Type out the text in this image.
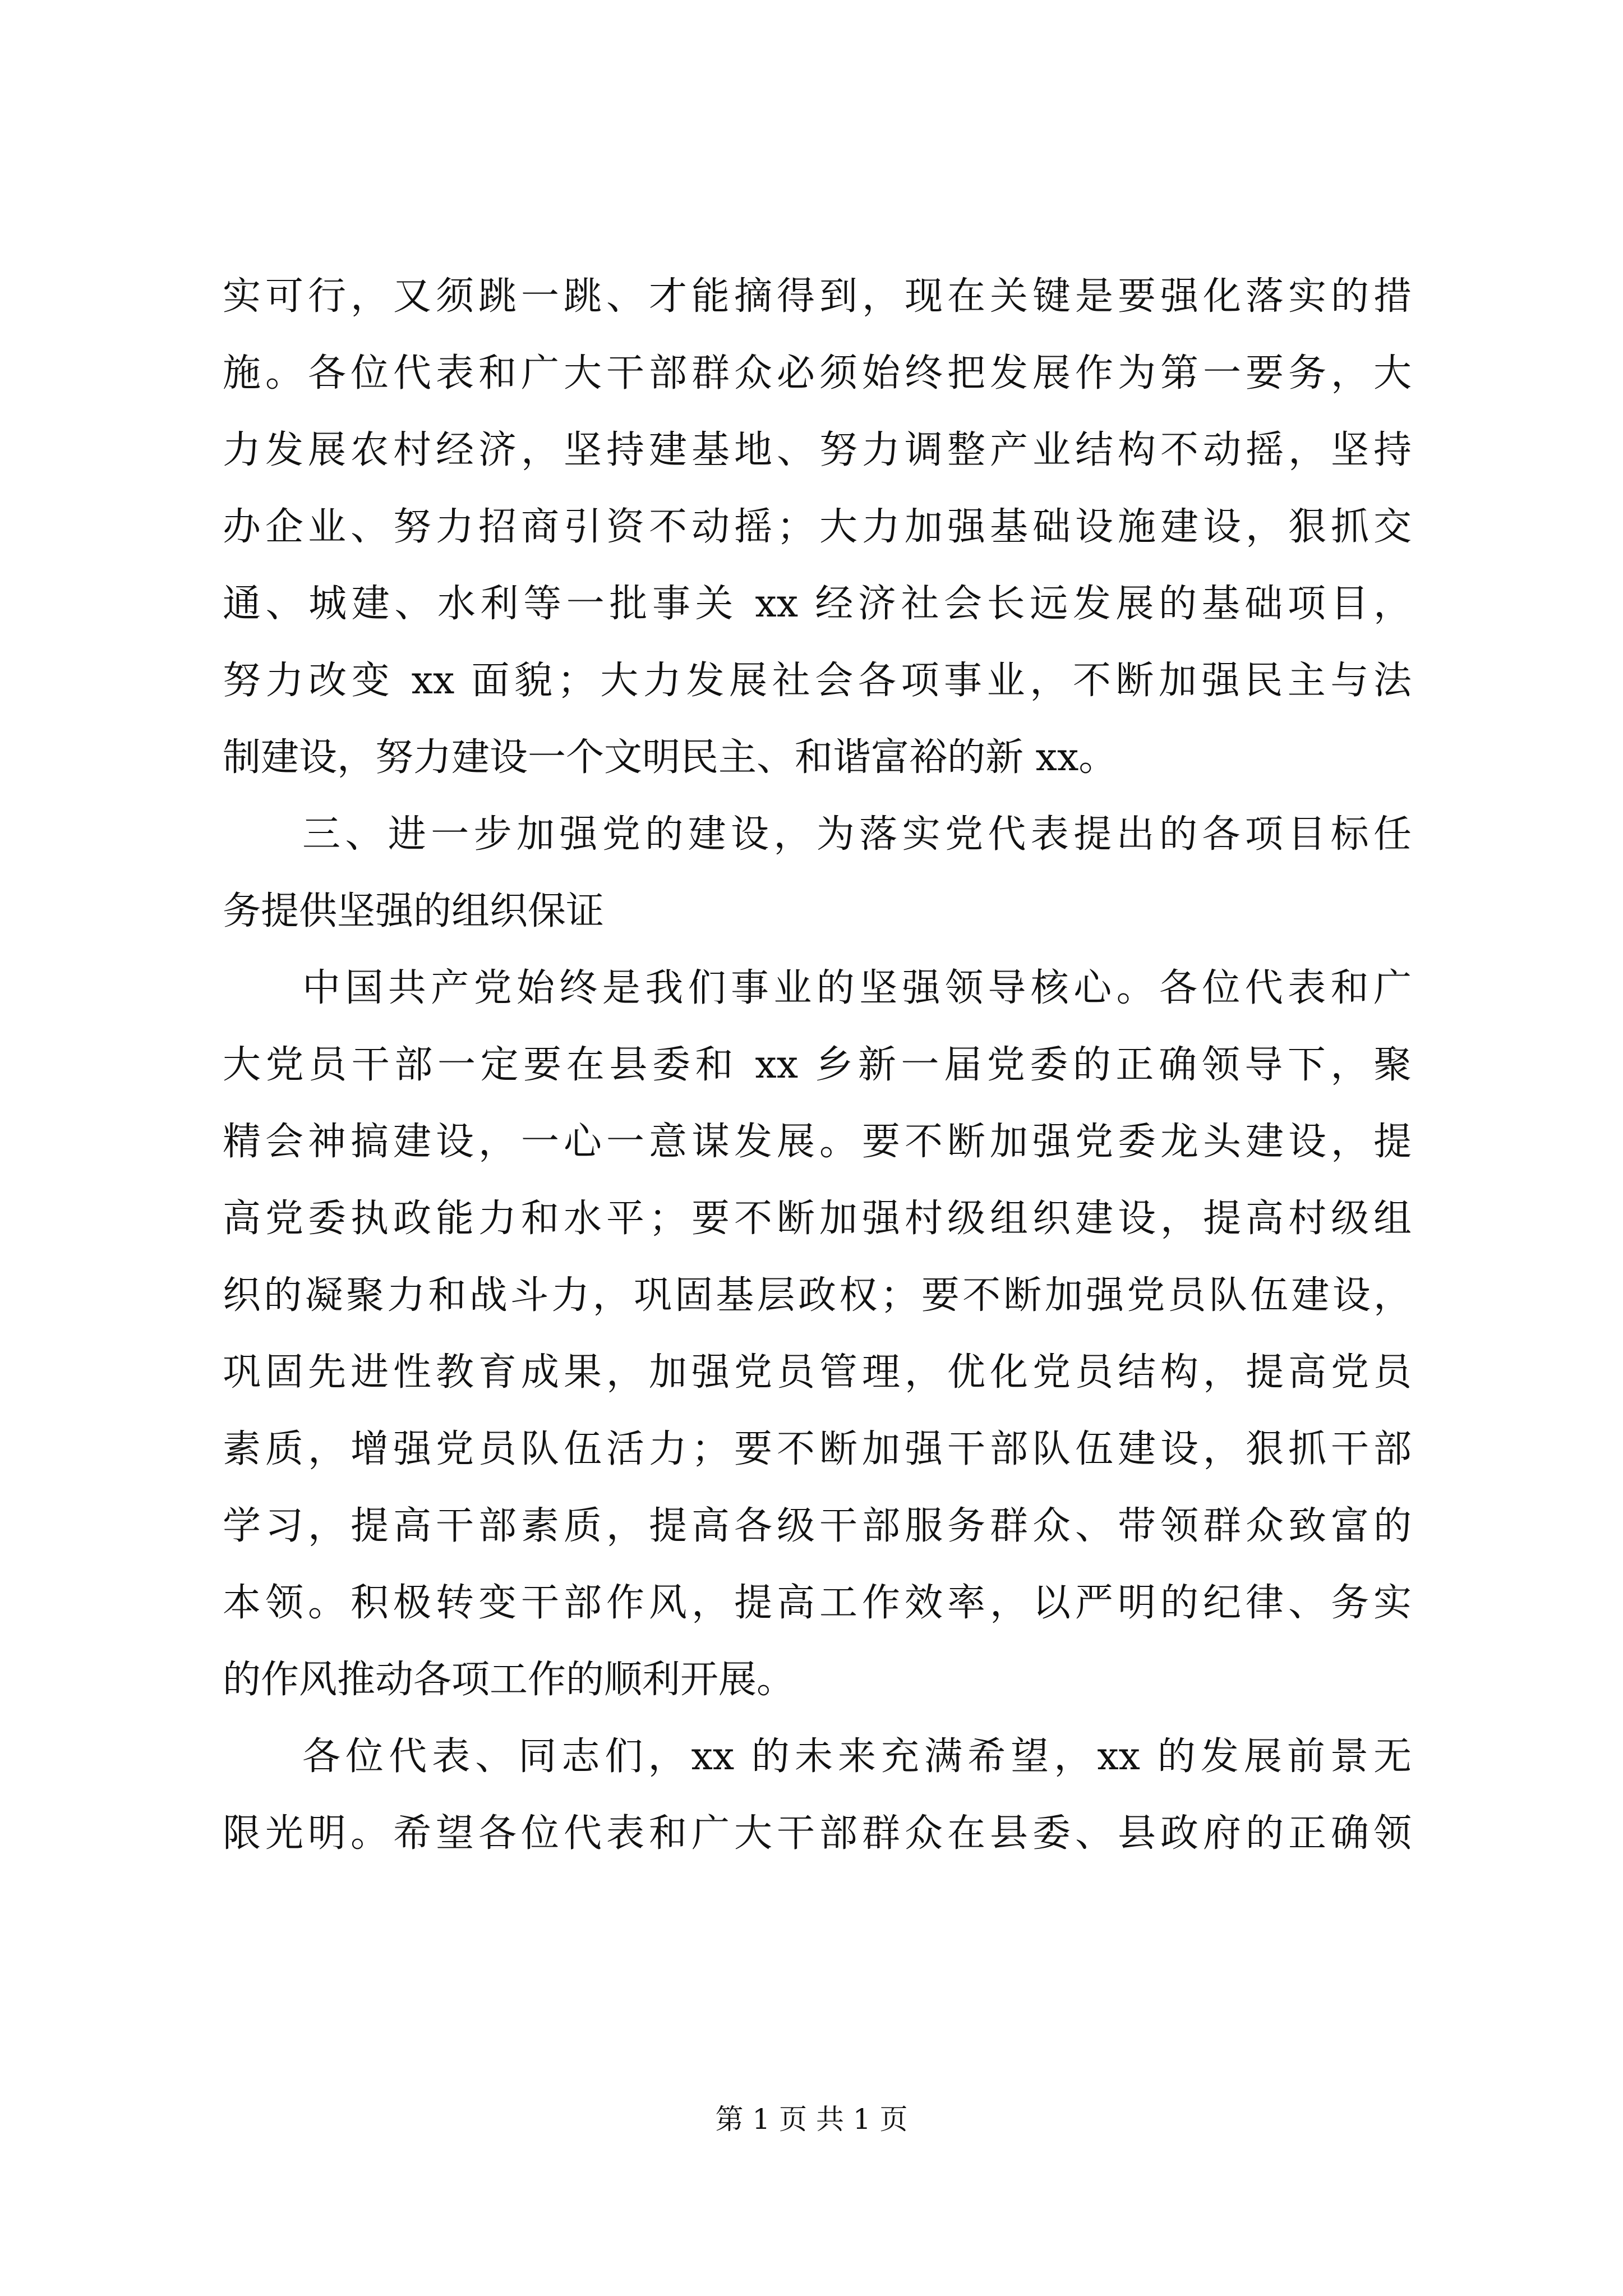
实可行，又须跳一跳、才能摘得到，现在关键是要强化落实的措
施。各位代表和广大干部群众必须始终把发展作为第一要务，大
力发展农村经济，坚持建基地、努力调整产业结构不动摇，坚持
办企业、努力招商引资不动摇；大力加强基础设施建设，狠抓交
通、城建、水利等一批事关 xx 经济社会长远发展的基础项目，
努力改变 xx 面貌；大力发展社会各项事业，不断加强民主与法
制建设，努力建设一个文明民主、和谐富裕的新 xx。
三、进一步加强党的建设，为落实党代表提出的各项目标任
务提供坚强的组织保证
中国共产党始终是我们事业的坚强领导核心。各位代表和广
大党员干部一定要在县委和 xx 乡新一届党委的正确领导下，聚
精会神搞建设，一心一意谋发展。要不断加强党委龙头建设，提
高党委执政能力和水平；要不断加强村级组织建设，提高村级组
织的凝聚力和战斗力，巩固基层政权；要不断加强党员队伍建设，
巩固先进性教育成果，加强党员管理，优化党员结构，提高党员
素质，增强党员队伍活力；要不断加强干部队伍建设，狠抓干部
学习，提高干部素质，提高各级干部服务群众、带领群众致富的
本领。积极转变干部作风，提高工作效率，以严明的纪律、务实
的作风推动各项工作的顺利开展。
各位代表、同志们，xx 的未来充满希望，xx 的发展前景无
限光明。希望各位代表和广大干部群众在县委、县政府的正确领
第 1 页 共 1 页
